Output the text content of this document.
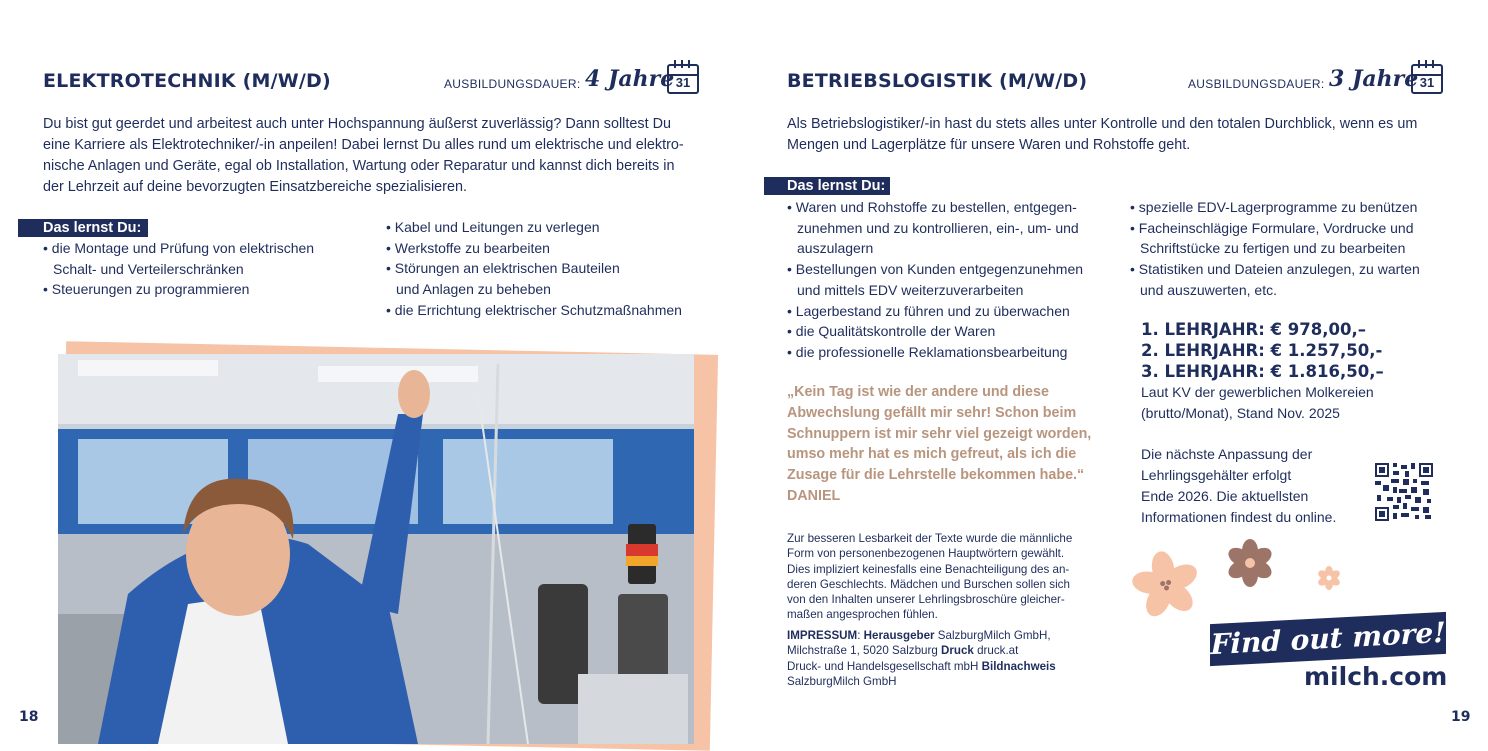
ELEKTROTECHNIK (M/W/D)	AUSBILDUNGSDAUER: 4 Jahre 31
Du bist gut geerdet und arbeitest auch unter Hochspannung äußerst zuverlässig? Dann solltest Du
eine Karriere als Elektrotechniker/-in anpeilen! Dabei lernst Du alles rund um elektrische und elektro-
nische Anlagen und Geräte, egal ob Installation, Wartung oder Reparatur und kannst dich bereits in
der Lehrzeit auf deine bevorzugten Einsatzbereiche spezialisieren.
Das lernst Du:
• die Montage und Prüfung von elektrischen Schalt- und Verteilerschränken
• Steuerungen zu programmieren
• Kabel und Leitungen zu verlegen
• Werkstoffe zu bearbeiten
• Störungen an elektrischen Bauteilen und Anlagen zu beheben
• die Errichtung elektrischer Schutzmaßnahmen
18
BETRIEBSLOGISTIK (M/W/D)	AUSBILDUNGSDAUER: 3 Jahre 31
Als Betriebslogistiker/-in hast du stets alles unter Kontrolle und den totalen Durchblick, wenn es um
Mengen und Lagerplätze für unsere Waren und Rohstoffe geht.
Das lernst Du:
• Waren und Rohstoffe zu bestellen, entgegen- zunehmen und zu kontrollieren, ein-, um- und auszulagern
• Bestellungen von Kunden entgegenzunehmen und mittels EDV weiterzuverarbeiten
• Lagerbestand zu führen und zu überwachen
• die Qualitätskontrolle der Waren
• die professionelle Reklamationsbearbeitung
• spezielle EDV-Lagerprogramme zu benützen
• Facheinschlägige Formulare, Vordrucke und Schriftstücke zu fertigen und zu bearbeiten
• Statistiken und Dateien anzulegen, zu warten und auszuwerten, etc.
„Kein Tag ist wie der andere und diese
Abwechslung gefällt mir sehr! Schon beim
Schnuppern ist mir sehr viel gezeigt worden,
umso mehr hat es mich gefreut, als ich die
Zusage für die Lehrstelle bekommen habe.“
DANIEL
Zur besseren Lesbarkeit der Texte wurde die männliche
Form von personenbezogenen Hauptwörtern gewählt.
Dies impliziert keinesfalls eine Benachteiligung des an-
deren Geschlechts. Mädchen und Burschen sollen sich
von den Inhalten unserer Lehrlingsbroschüre gleicher-
maßen angesprochen fühlen.
IMPRESSUM: Herausgeber SalzburgMilch GmbH,
Milchstraße 1, 5020 Salzburg Druck druck.at
Druck- und Handelsgesellschaft mbH Bildnachweis
SalzburgMilch GmbH
1. LEHRJAHR: € 978,00,–
2. LEHRJAHR: € 1.257,50,-
3. LEHRJAHR: € 1.816,50,–
Laut KV der gewerblichen Molkereien
(brutto/Monat), Stand Nov. 2025
Die nächste Anpassung der
Lehrlingsgehälter erfolgt
Ende 2026. Die aktuellsten
Informationen findest du online.
Find out more!
milch.com
19
